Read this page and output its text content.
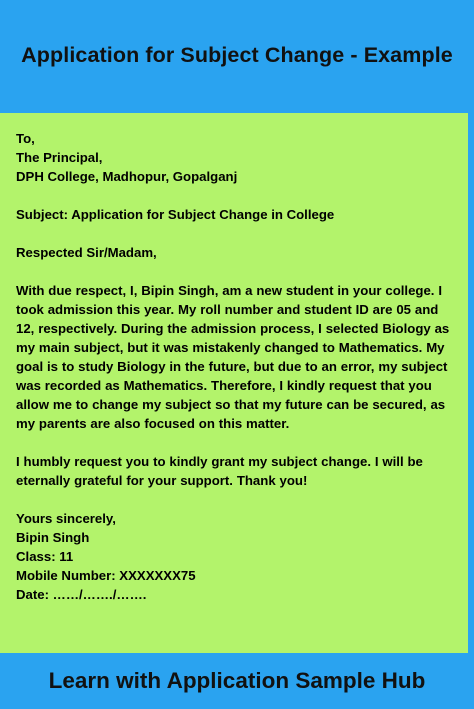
Application for Subject Change - Example
To,
The Principal,
DPH College, Madhopur, Gopalganj
Subject: Application for Subject Change in College
Respected Sir/Madam,
With due respect, I, Bipin Singh, am a new student in your college. I took admission this year. My roll number and student ID are 05 and 12, respectively. During the admission process, I selected Biology as my main subject, but it was mistakenly changed to Mathematics. My goal is to study Biology in the future, but due to an error, my subject was recorded as Mathematics. Therefore, I kindly request that you allow me to change my subject so that my future can be secured, as my parents are also focused on this matter.
I humbly request you to kindly grant my subject change. I will be eternally grateful for your support. Thank you!
Yours sincerely,
Bipin Singh
Class: 11
Mobile Number: XXXXXXX75
Date: ……/……./…….
Learn with Application Sample Hub
